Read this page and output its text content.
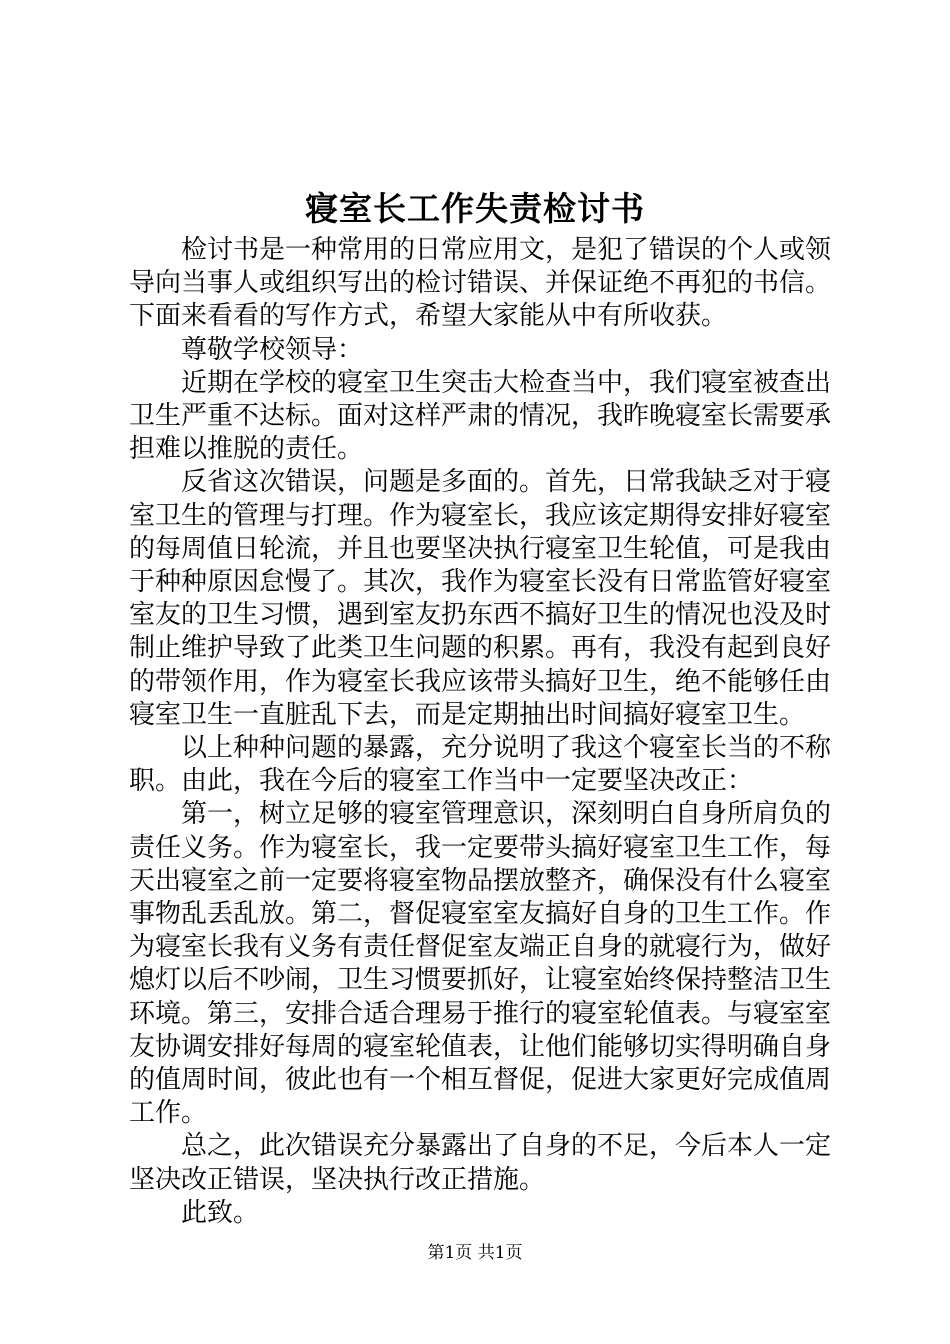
寝室长工作失责检讨书

检讨书是一种常用的日常应用文，是犯了错误的个人或领导向当事人或组织写出的检讨错误、并保证绝不再犯的书信。下面来看看的写作方式，希望大家能从中有所收获。

尊敬学校领导：

近期在学校的寝室卫生突击大检查当中，我们寝室被查出卫生严重不达标。面对这样严肃的情况，我昨晚寝室长需要承担难以推脱的责任。

反省这次错误，问题是多面的。首先，日常我缺乏对于寝室卫生的管理与打理。作为寝室长，我应该定期得安排好寝室的每周值日轮流，并且也要坚决执行寝室卫生轮值，可是我由于种种原因怠慢了。其次，我作为寝室长没有日常监管好寝室室友的卫生习惯，遇到室友扔东西不搞好卫生的情况也没及时制止维护导致了此类卫生问题的积累。再有，我没有起到良好的带领作用，作为寝室长我应该带头搞好卫生，绝不能够任由寝室卫生一直脏乱下去，而是定期抽出时间搞好寝室卫生。

以上种种问题的暴露，充分说明了我这个寝室长当的不称职。由此，我在今后的寝室工作当中一定要坚决改正：

第一，树立足够的寝室管理意识，深刻明白自身所肩负的责任义务。作为寝室长，我一定要带头搞好寝室卫生工作，每天出寝室之前一定要将寝室物品摆放整齐，确保没有什么寝室事物乱丢乱放。第二，督促寝室室友搞好自身的卫生工作。作为寝室长我有义务有责任督促室友端正自身的就寝行为，做好熄灯以后不吵闹，卫生习惯要抓好，让寝室始终保持整洁卫生环境。第三，安排合适合理易于推行的寝室轮值表。与寝室室友协调安排好每周的寝室轮值表，让他们能够切实得明确自身的值周时间，彼此也有一个相互督促，促进大家更好完成值周工作。

总之，此次错误充分暴露出了自身的不足，今后本人一定坚决改正错误，坚决执行改正措施。

此致。

第1页 共1页
